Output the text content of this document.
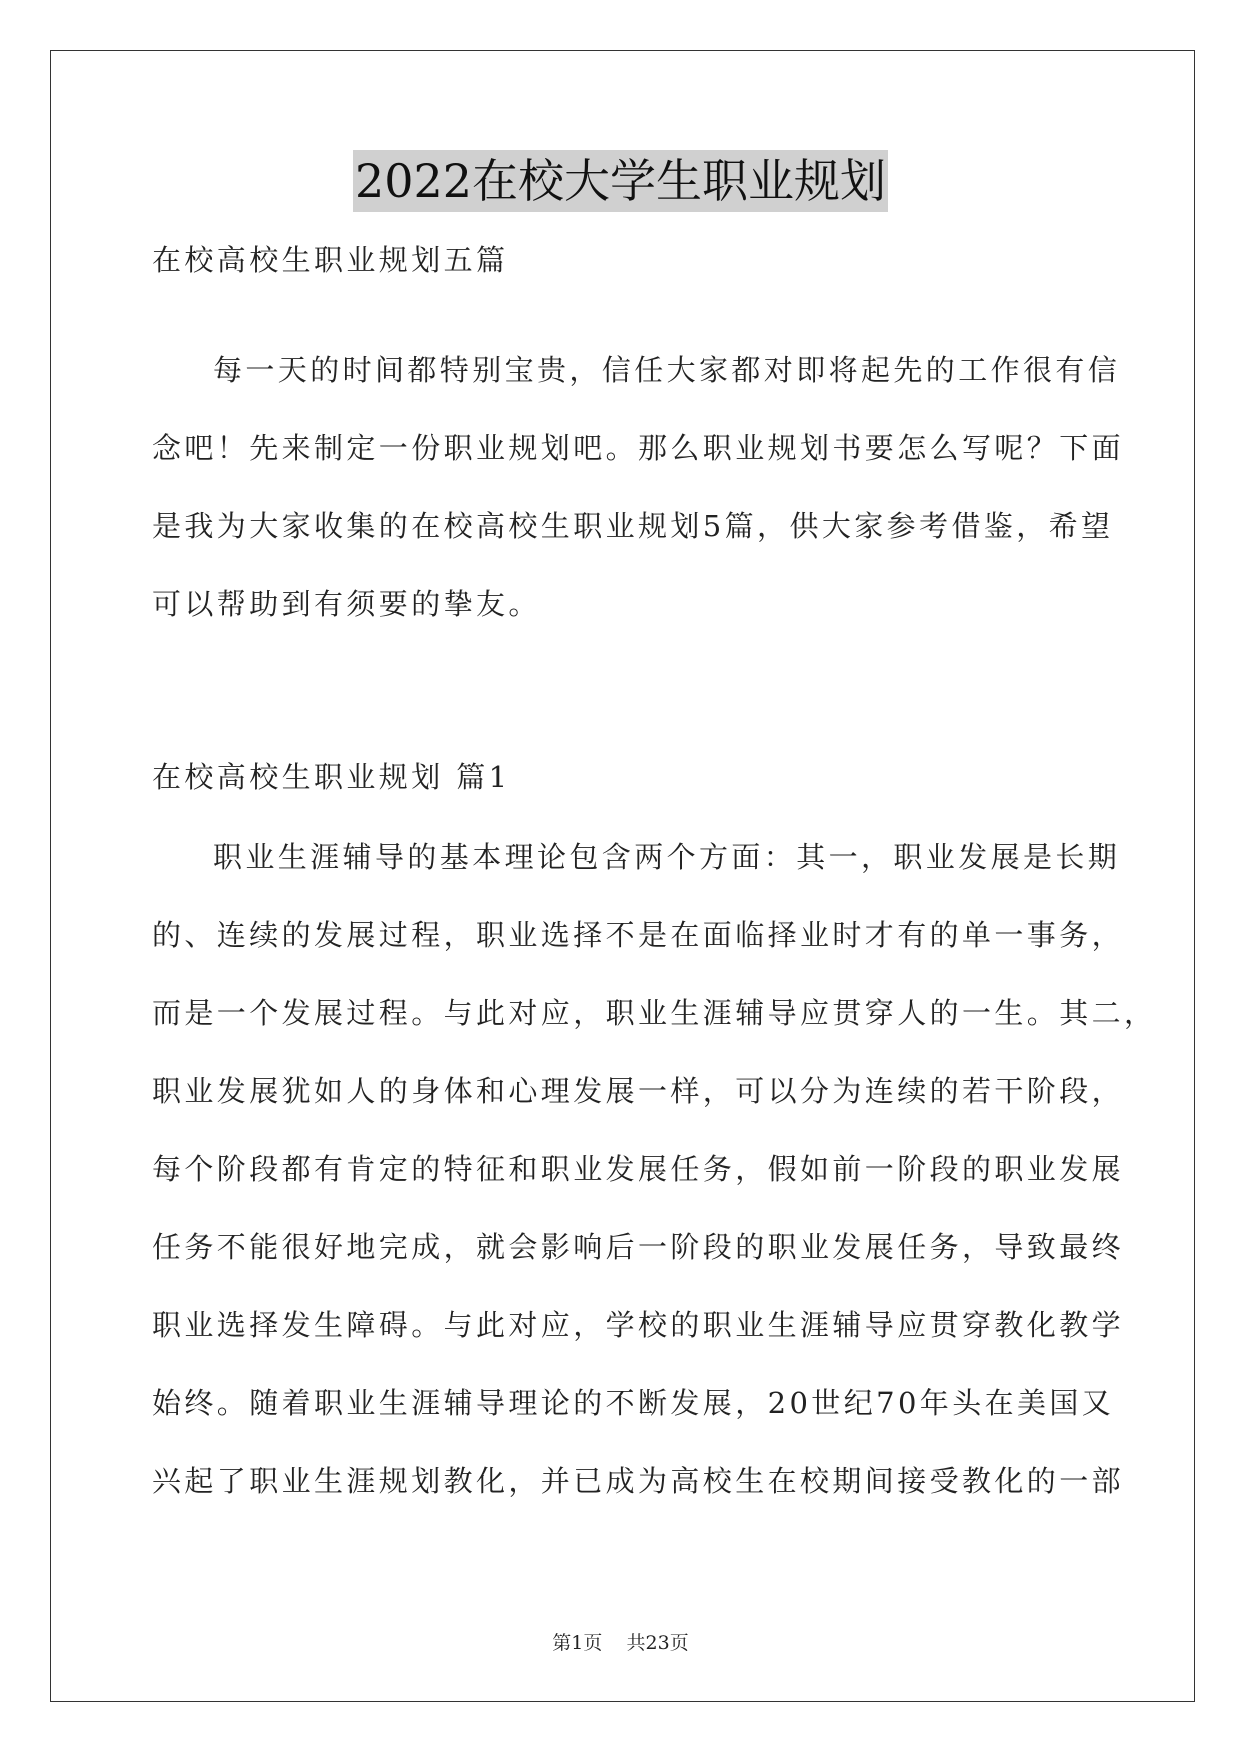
2022在校大学生职业规划
在校高校生职业规划五篇
每一天的时间都特别宝贵，信任大家都对即将起先的工作很有信
念吧！先来制定一份职业规划吧。那么职业规划书要怎么写呢？下面
是我为大家收集的在校高校生职业规划5篇，供大家参考借鉴，希望
可以帮助到有须要的挚友。
在校高校生职业规划 篇1
职业生涯辅导的基本理论包含两个方面：其一，职业发展是长期
的、连续的发展过程，职业选择不是在面临择业时才有的单一事务，
而是一个发展过程。与此对应，职业生涯辅导应贯穿人的一生。其二，
职业发展犹如人的身体和心理发展一样，可以分为连续的若干阶段，
每个阶段都有肯定的特征和职业发展任务，假如前一阶段的职业发展
任务不能很好地完成，就会影响后一阶段的职业发展任务，导致最终
职业选择发生障碍。与此对应，学校的职业生涯辅导应贯穿教化教学
始终。随着职业生涯辅导理论的不断发展，20世纪70年头在美国又
兴起了职业生涯规划教化，并已成为高校生在校期间接受教化的一部
第1页    共23页
